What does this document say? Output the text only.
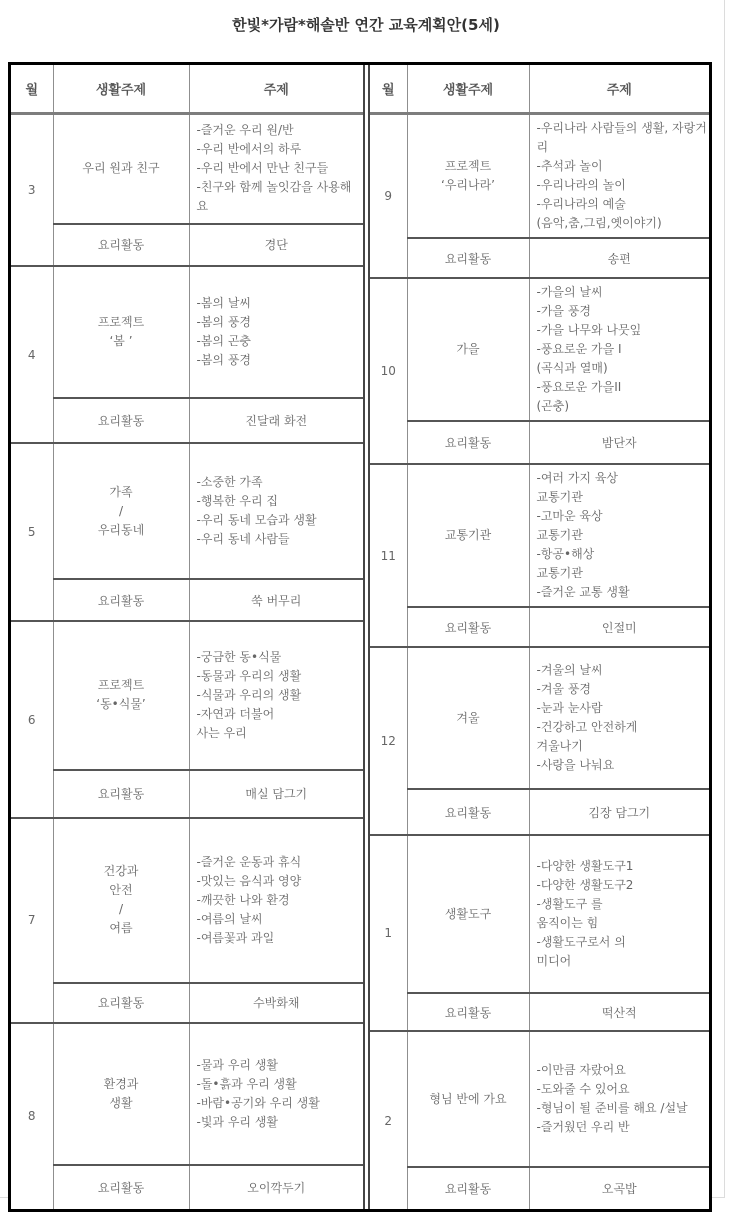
한빛*가람*해솔반 연간 교육계획안(5세)
월	생활주제	주제
3	우리 원과 친구	-즐거운 우리 원/반
-우리 반에서의 하루
-우리 반에서 만난 친구들
-친구와 함께 놀잇감을 사용해요
	요리활동	경단
4	프로젝트
‘봄 ’	-봄의 날씨
-봄의 풍경
-봄의 곤충
-봄의 풍경
	요리활동	진달래 화전
5	가족
/
우리동네	-소중한 가족
-행복한 우리 집
-우리 동네 모습과 생활
-우리 동네 사람들
	요리활동	쑥 버무리
6	프로젝트
‘동•식물’	-궁금한 동•식물
-동물과 우리의 생활
-식물과 우리의 생활
-자연과 더불어
사는 우리
	요리활동	매실 담그기
7	건강과
안전
/
여름	-즐거운 운동과 휴식
-맛있는 음식과 영양
-깨끗한 나와 환경
-여름의 날씨
-여름꽃과 과일
	요리활동	수박화채
8	환경과
생활	-물과 우리 생활
-돌•흙과 우리 생활
-바람•공기와 우리 생활
-빛과 우리 생활
	요리활동	오이깍두기
월	생활주제	주제
9	프로젝트
‘우리나라’	-우리나라 사람들의 생활, 자랑거리
-추석과 놀이
-우리나라의 놀이
-우리나라의 예술
(음악,춤,그림,옛이야기)
	요리활동	송편
10	가을	-가을의 날씨
-가을 풍경
-가을 나무와 나뭇잎
-풍요로운 가을 I
(곡식과 열매)
-풍요로운 가을II
(곤충)
	요리활동	밤단자
11	교통기관	-여러 가지 육상
교통기관
-고마운 육상
교통기관
-항공•해상
교통기관
-즐거운 교통 생활
	요리활동	인절미
12	겨울	-겨울의 날씨
-겨울 풍경
-눈과 눈사람
-건강하고 안전하게
겨울나기
-사랑을 나눠요
	요리활동	김장 담그기
1	생활도구	-다양한 생활도구1
-다양한 생활도구2
-생활도구 를
움직이는 힘
-생활도구로서 의
미디어
	요리활동	떡산적
2	형님 반에 가요	-이만큼 자랐어요
-도와줄 수 있어요
-형님이 될 준비를 해요 /설날
-즐거웠던 우리 반
	요리활동	오곡밥
